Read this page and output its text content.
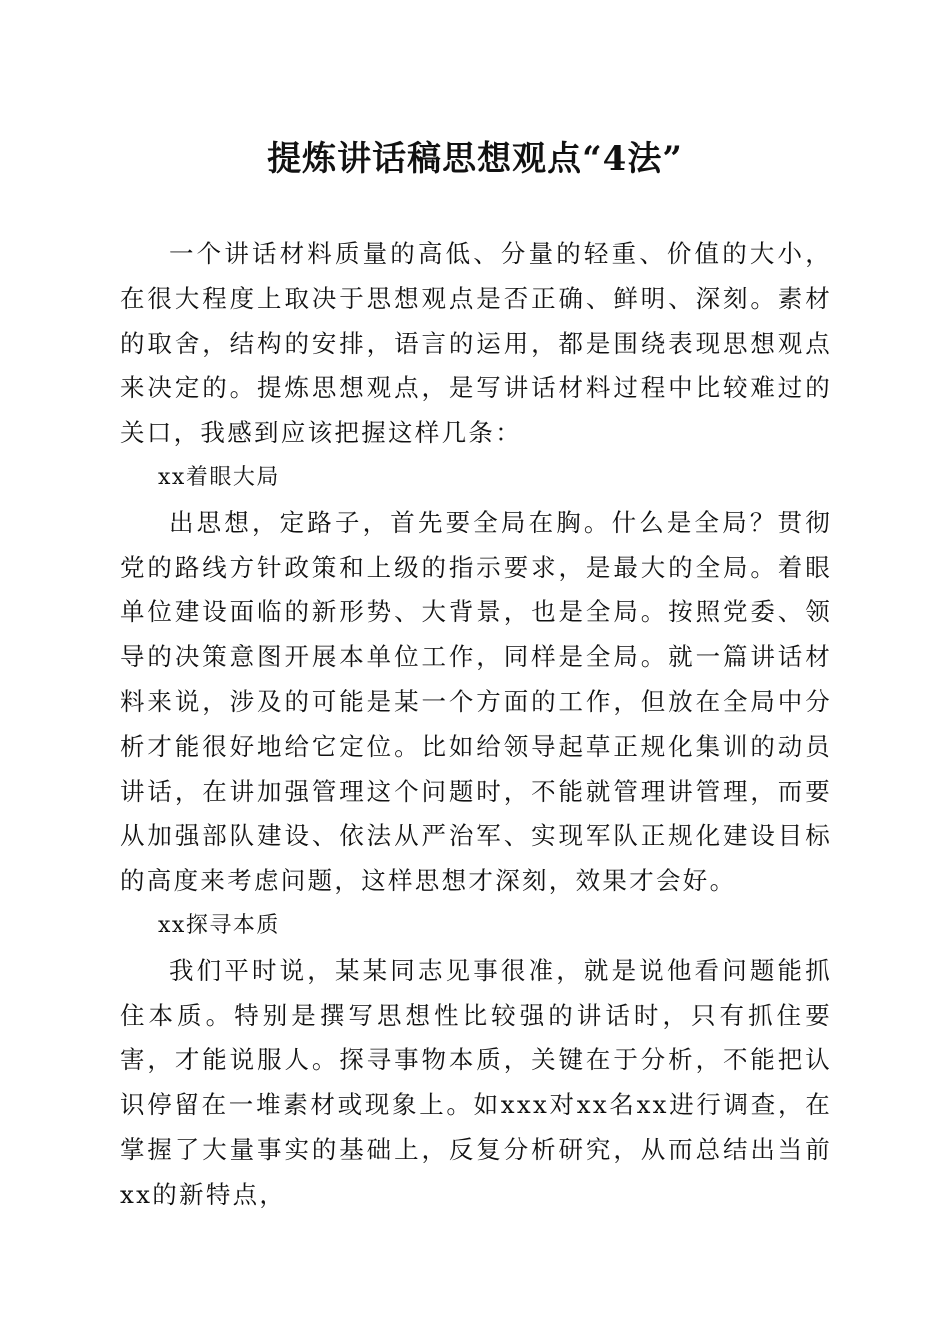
提炼讲话稿思想观点“4法”

一个讲话材料质量的高低、分量的轻重、价值的大小，在很大程度上取决于思想观点是否正确、鲜明、深刻。素材的取舍，结构的安排，语言的运用，都是围绕表现思想观点来决定的。提炼思想观点，是写讲话材料过程中比较难过的关口，我感到应该把握这样几条：

xx着眼大局

出思想，定路子，首先要全局在胸。什么是全局？贯彻党的路线方针政策和上级的指示要求，是最大的全局。着眼单位建设面临的新形势、大背景，也是全局。按照党委、领导的决策意图开展本单位工作，同样是全局。就一篇讲话材料来说，涉及的可能是某一个方面的工作，但放在全局中分析才能很好地给它定位。比如给领导起草正规化集训的动员讲话，在讲加强管理这个问题时，不能就管理讲管理，而要从加强部队建设、依法从严治军、实现军队正规化建设目标的高度来考虑问题，这样思想才深刻，效果才会好。

xx探寻本质

我们平时说，某某同志见事很准，就是说他看问题能抓住本质。特别是撰写思想性比较强的讲话时，只有抓住要害，才能说服人。探寻事物本质，关键在于分析，不能把认识停留在一堆素材或现象上。如xxx对xx名xx进行调查，在掌握了大量事实的基础上，反复分析研究，从而总结出当前xx的新特点，
